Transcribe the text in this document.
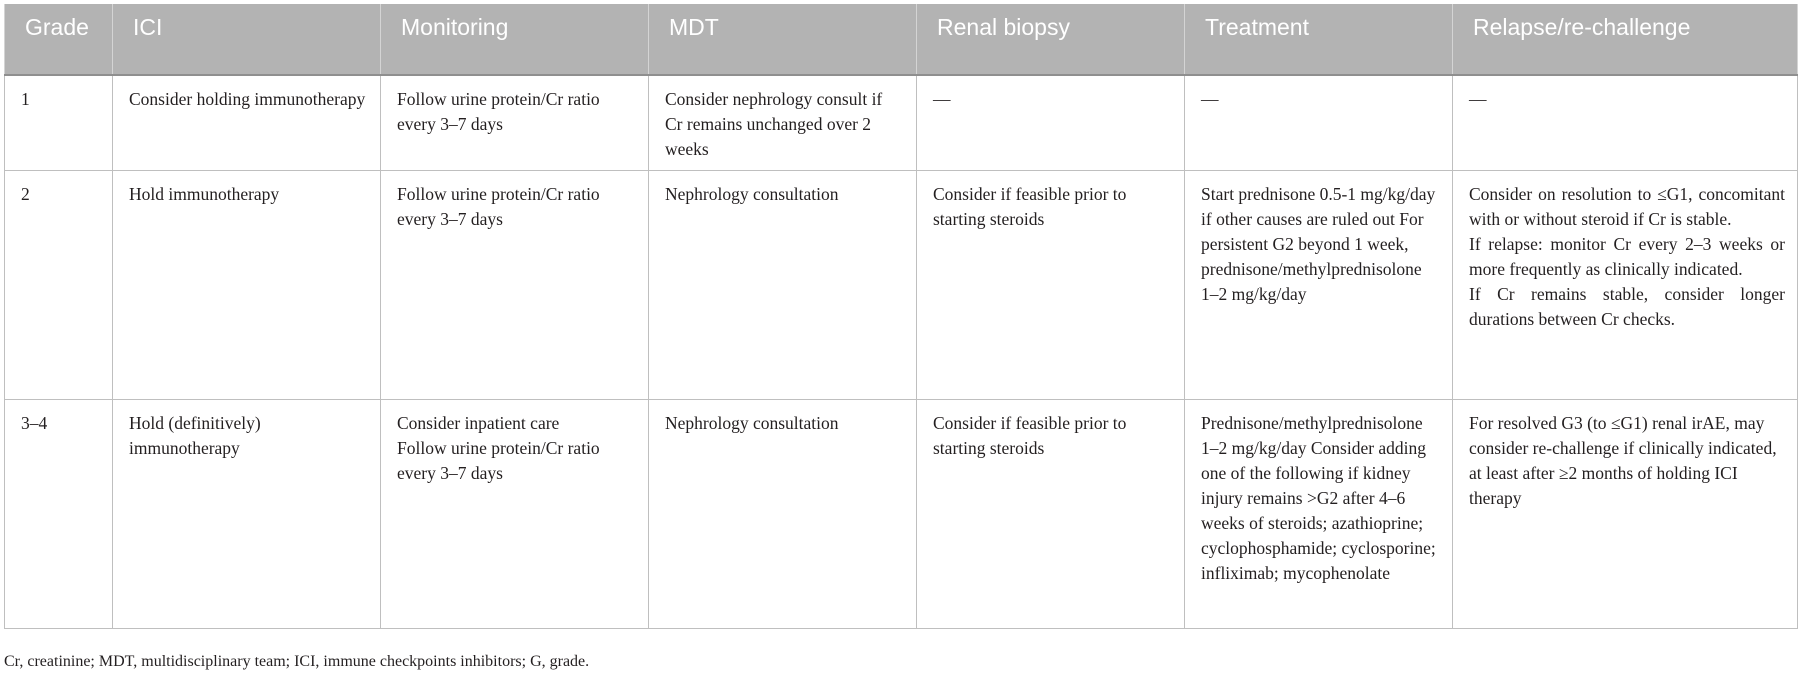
Grade	ICI	Monitoring	MDT	Renal biopsy	Treatment	Relapse/re-challenge
1	Consider holding immunotherapy	Follow urine protein/Cr ratio every 3–7 days	Consider nephrology consult if Cr remains unchanged over 2 weeks	—	—	—

2	Hold immunotherapy	Follow urine protein/Cr ratio every 3–7 days	Nephrology consultation	Consider if feasible prior to starting steroids	Start prednisone 0.5-1 mg/kg/day if other causes are ruled out For persistent G2 beyond 1 week, prednisone/methylprednisolone 1–2 mg/kg/day	Consider on resolution to ≤G1, concomitant with or without steroid if Cr is stable.
If relapse: monitor Cr every 2–3 weeks or more frequently as clinically indicated.
If Cr remains stable, consider longer durations between Cr checks.

3–4	Hold (definitively) immunotherapy	Consider inpatient care
Follow urine protein/Cr ratio every 3–7 days	Nephrology consultation	Consider if feasible prior to starting steroids	Prednisone/methylprednisolone 1–2 mg/kg/day Consider adding one of the following if kidney injury remains >G2 after 4–6 weeks of steroids; azathioprine; cyclophosphamide; cyclosporine; infliximab; mycophenolate	For resolved G3 (to ≤G1) renal irAE, may consider re-challenge if clinically indicated, at least after ≥2 months of holding ICI therapy
Cr, creatinine; MDT, multidisciplinary team; ICI, immune checkpoints inhibitors; G, grade.
